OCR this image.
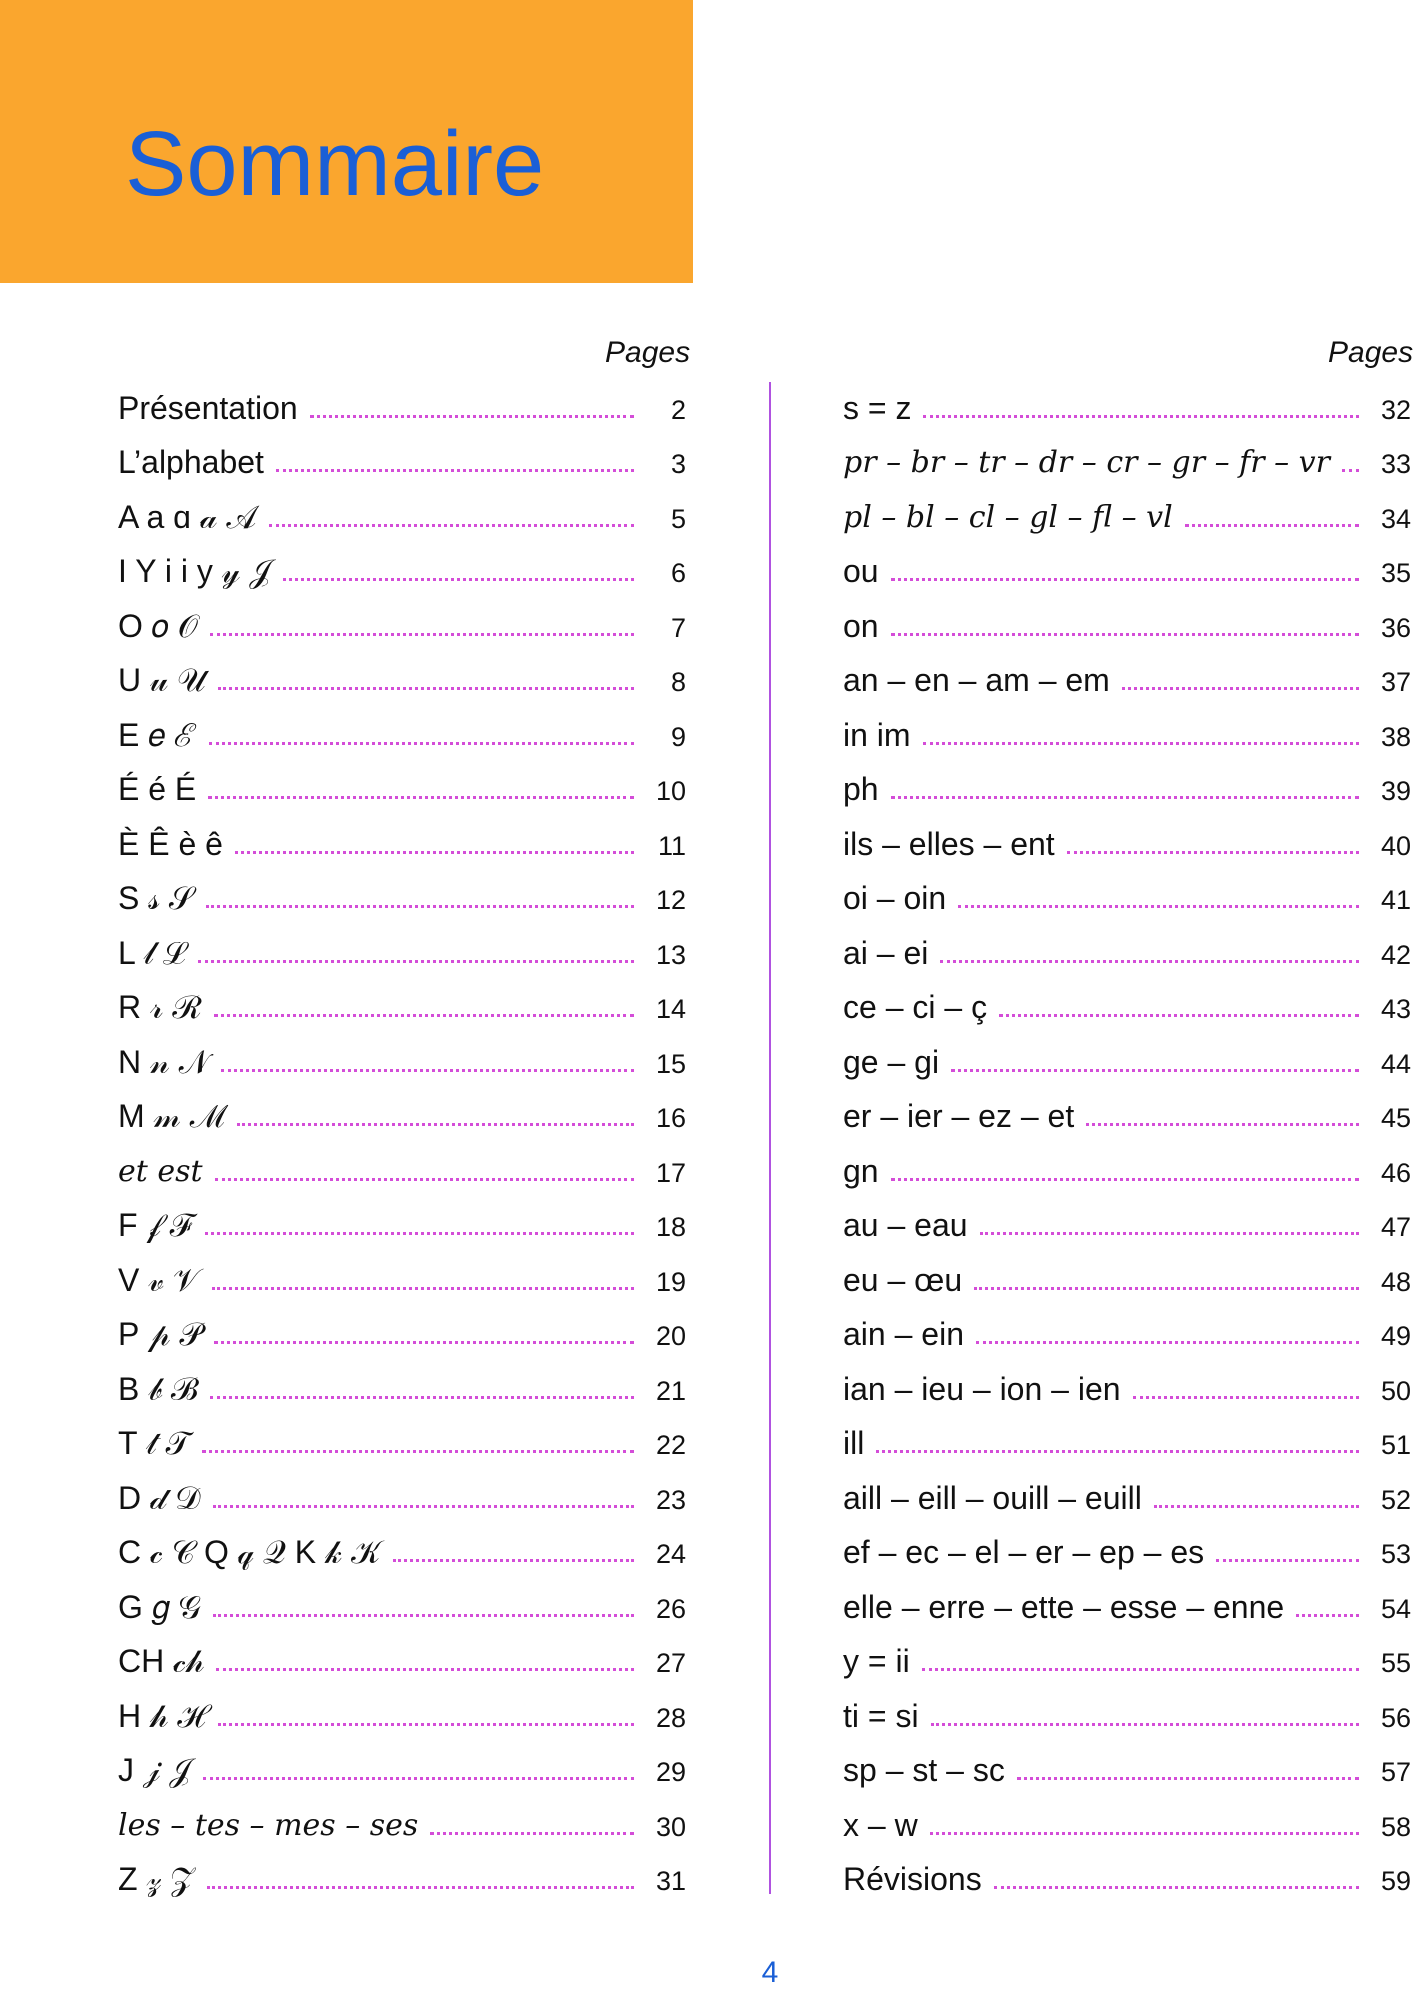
Sommaire
Pages	Pages
Présentation	2
L’alphabet	3
A a ɑ 𝒶 𝒜	5
I Y i i y 𝓎 𝒥	6
O 𝑜 𝒪	7
U 𝓊 𝒰	8
E 𝑒 ℰ	9
É é É	10
È Ê è ê	11
S 𝓈 𝒮	12
L 𝓁 ℒ	13
R 𝓇 ℛ	14
N 𝓃 𝒩	15
M 𝓂 ℳ	16
et est	17
F 𝒻 ℱ	18
V 𝓋 𝒱	19
P 𝓅 𝒫	20
B 𝒷 ℬ	21
T 𝓉 𝒯	22
D 𝒹 𝒟	23
C 𝒸 𝒞 Q 𝓆 𝒬 K 𝓀 𝒦	24
G 𝑔 𝒢	26
CH 𝒸𝒽	27
H 𝒽 ℋ	28
J 𝒿 𝒥	29
les – tes – mes – ses	30
Z 𝓏 𝒵	31
s = z	32
pr – br – tr – dr – cr – gr – fr – vr	33
pl – bl – cl – gl – fl – vl	34
ou	35
on	36
an – en – am – em	37
in im	38
ph	39
ils – elles – ent	40
oi – oin	41
ai – ei	42
ce – ci – ç	43
ge – gi	44
er – ier – ez – et	45
gn	46
au – eau	47
eu – œu	48
ain – ein	49
ian – ieu – ion – ien	50
ill	51
aill – eill – ouill – euill	52
ef – ec – el – er – ep – es	53
elle – erre – ette – esse – enne	54
y = ii	55
ti = si	56
sp – st – sc	57
x – w	58
Révisions	59
4
